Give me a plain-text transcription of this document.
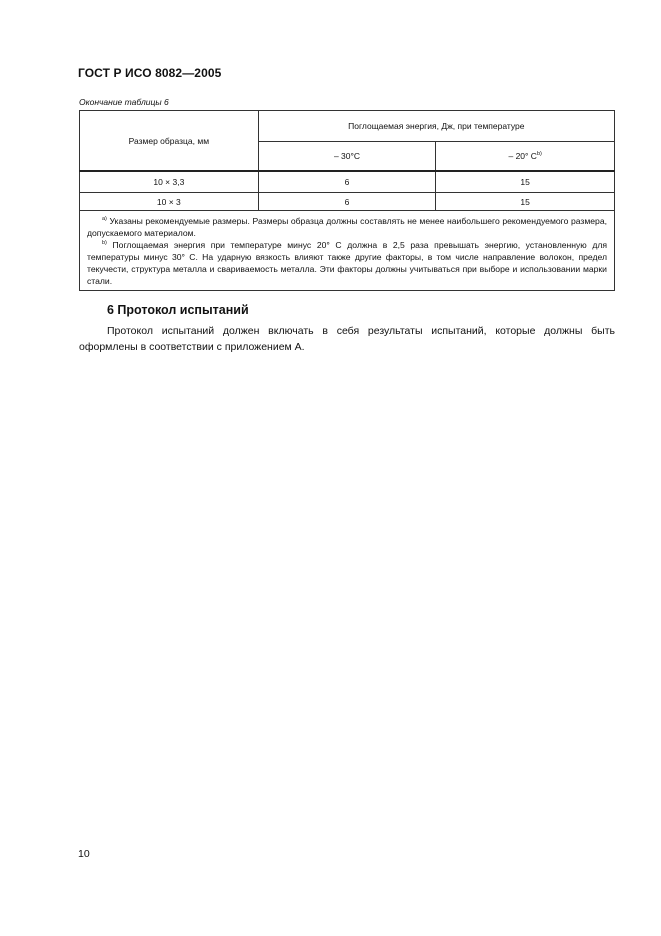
ГОСТ Р ИСО 8082—2005
Окончание таблицы 6
Размер образца, мм	Поглощаемая энергия, Дж, при температуре	
	– 30°С	– 20° $С^{b)}$
10 × 3,3	6	15
10 × 3	6	15

$^{a)}$ Указаны рекомендуемые размеры. Размеры образца должны составлять не менее наибольшего рекомендуемого размера, допускаемого материалом.
$^{b)}$ Поглощаемая энергия при температуре минус 20° С должна в 2,5 раза превышать энергию, установленную для температуры минус 30° С. На ударную вязкость влияют также другие факторы, в том числе направление волокон, предел текучести, структура металла и свариваемость металла. Эти факторы должны учитываться при выборе и использовании марки стали.		
6 Протокол испытаний
Протокол испытаний должен включать в себя результаты испытаний, которые должны быть оформлены в соответствии с приложением А.
10
